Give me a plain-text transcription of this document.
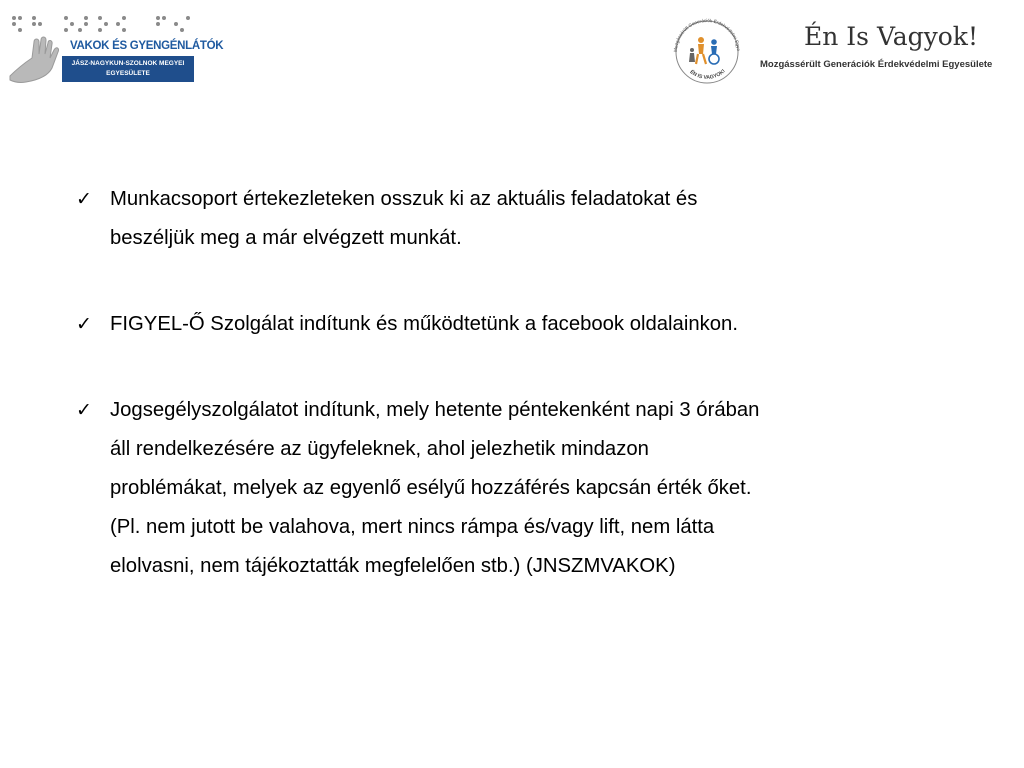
VAKOK ÉS GYENGÉNLÁTÓK
JÁSZ-NAGYKUN-SZOLNOK MEGYEI
EGYESÜLETE
Mozgássérült Generációk Érdekvédelmi Egye
ÉN IS VAGYOK!
Én Is Vagyok!
Mozgássérült Generációk Érdekvédelmi Egyesülete
✓ Munkacsoport értekezleteken osszuk ki az aktuális feladatokat és
beszéljük meg a már elvégzett munkát.
✓ FIGYEL-Ő Szolgálat indítunk és működtetünk a facebook oldalainkon.
✓ Jogsegélyszolgálatot indítunk, mely hetente péntekenként napi 3 órában
áll rendelkezésére az ügyfeleknek, ahol jelezhetik mindazon
problémákat, melyek az egyenlő esélyű hozzáférés kapcsán érték őket.
(Pl. nem jutott be valahova, mert nincs rámpa és/vagy lift, nem látta
elolvasni, nem tájékoztatták megfelelően stb.) (JNSZMVAKOK)
